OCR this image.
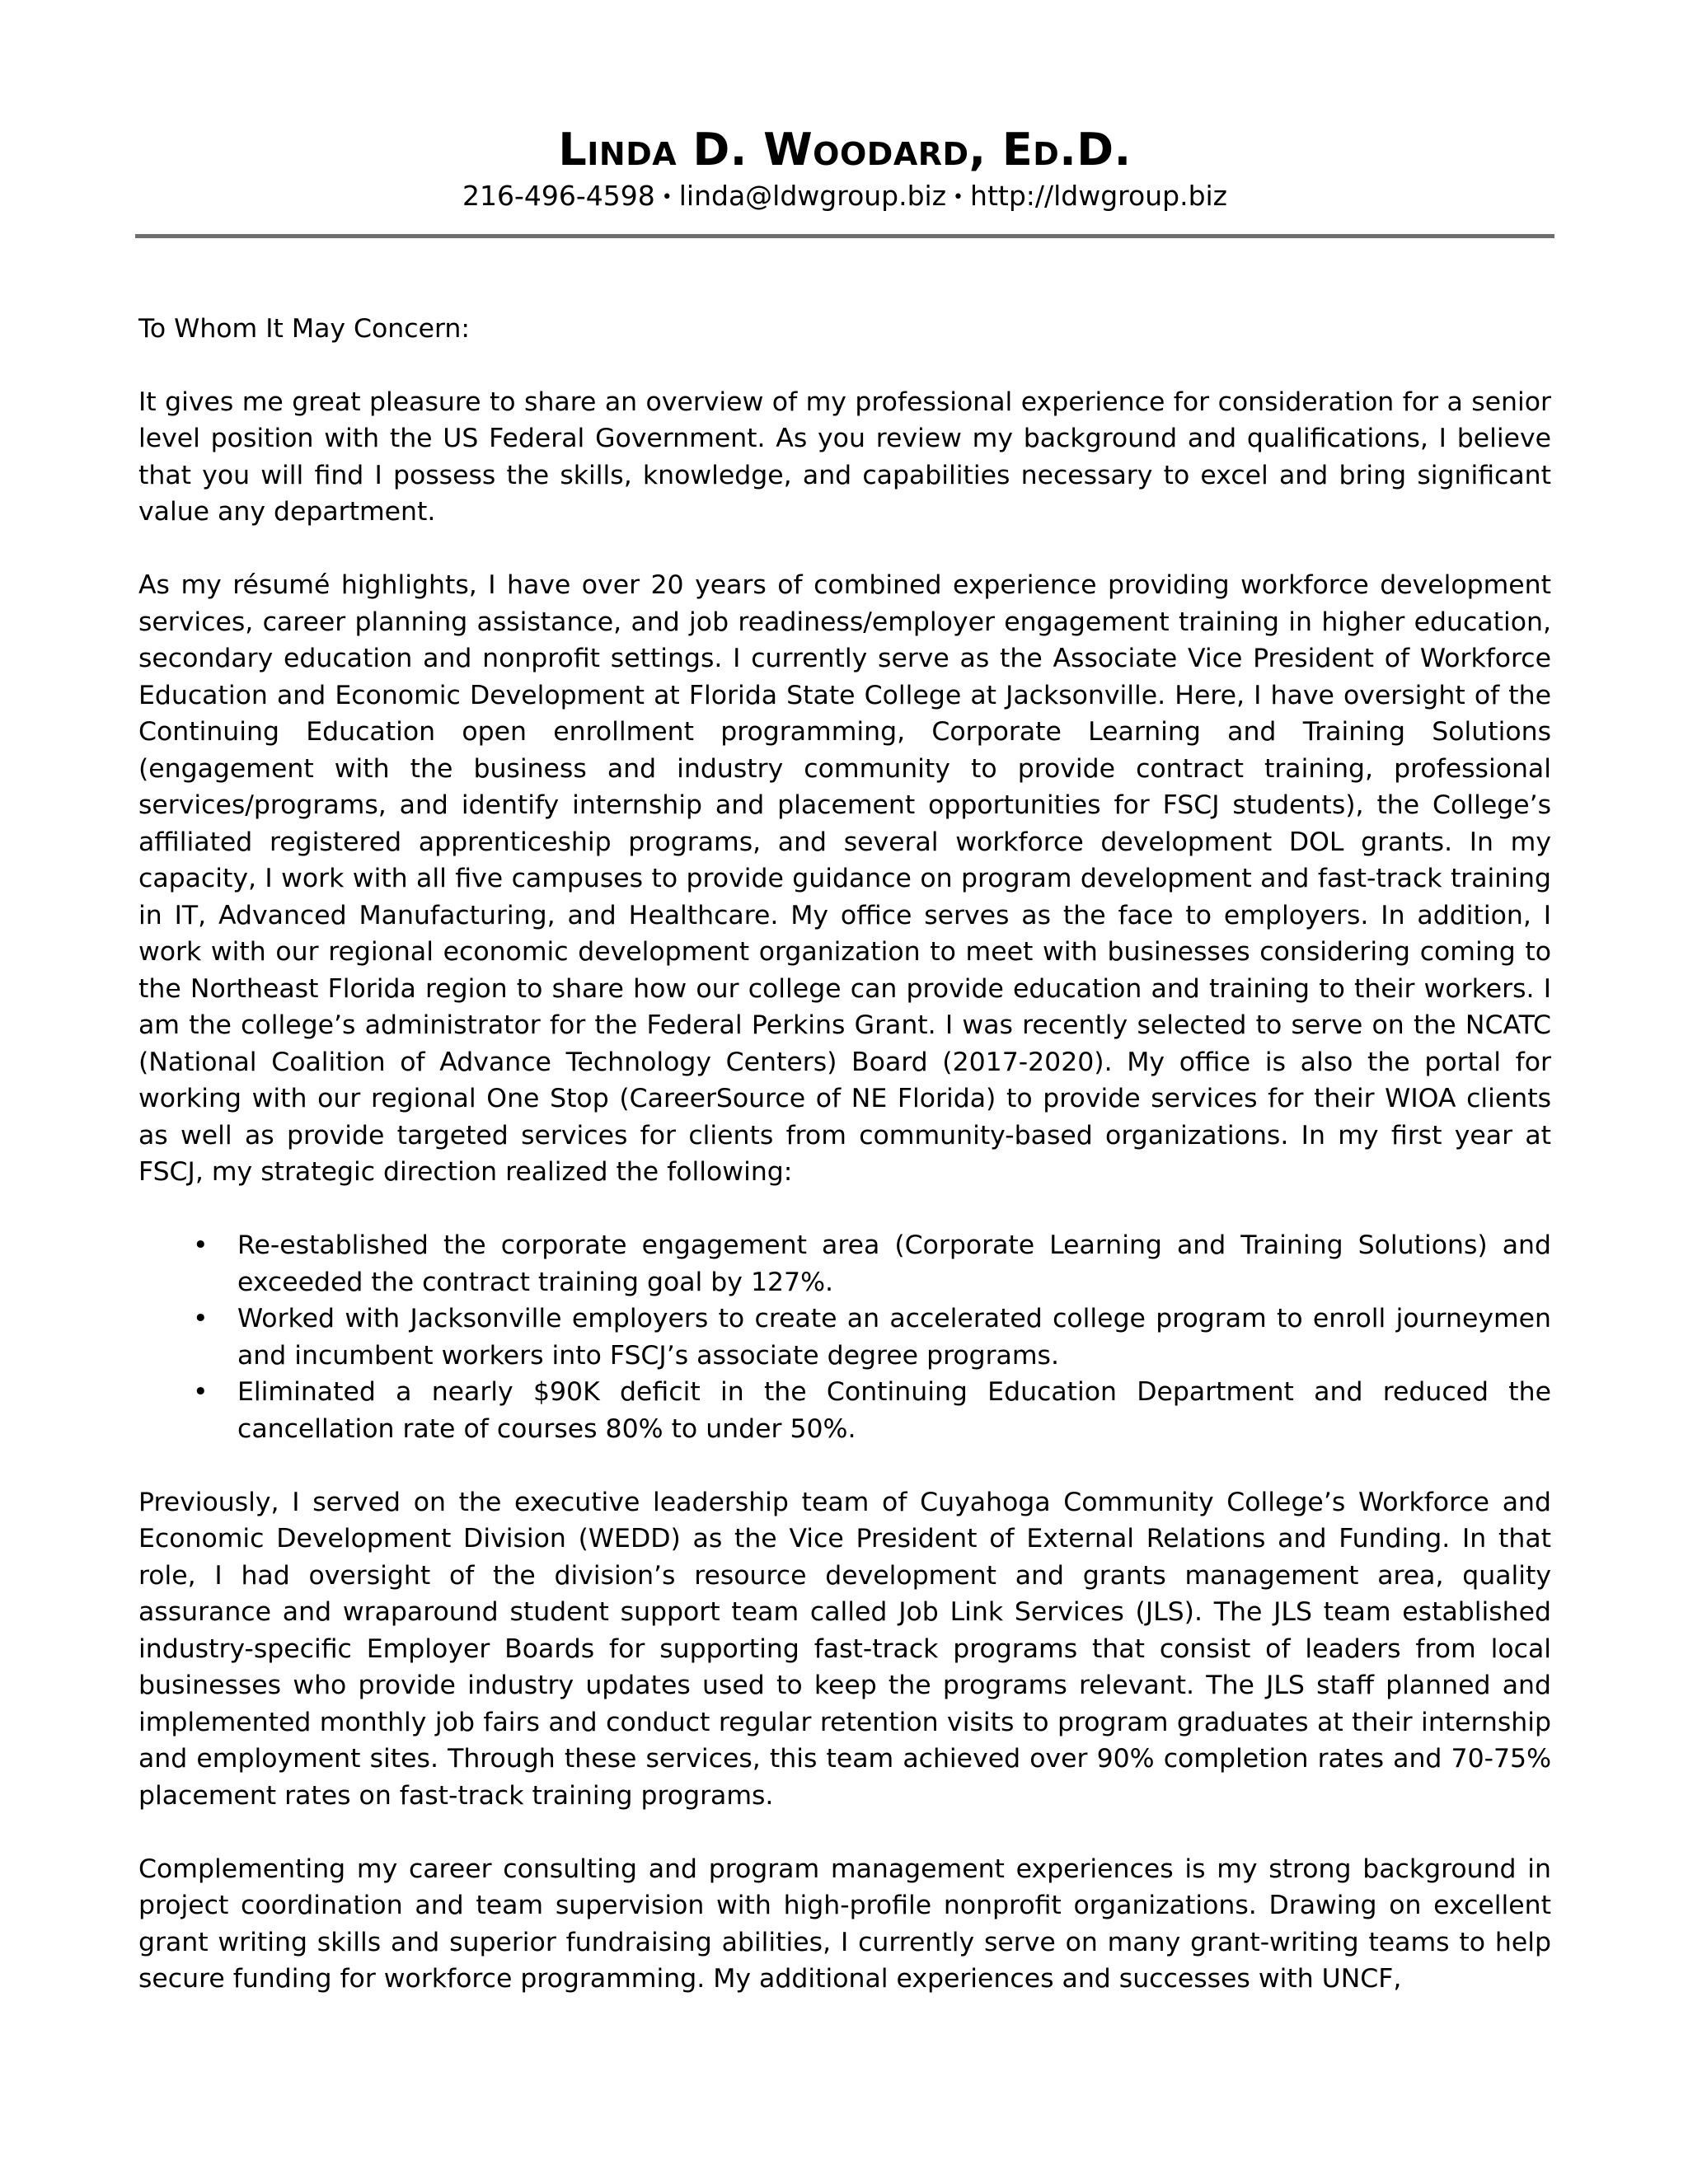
Linda D. Woodard, Ed.D.
216-496-4598 • linda@ldwgroup.biz • http://ldwgroup.biz

To Whom It May Concern:

It gives me great pleasure to share an overview of my professional experience for consideration for a senior level position with the US Federal Government. As you review my background and qualifications, I believe that you will find I possess the skills, knowledge, and capabilities necessary to excel and bring significant value any department.

As my résumé highlights, I have over 20 years of combined experience providing workforce development services, career planning assistance, and job readiness/employer engagement training in higher education, secondary education and nonprofit settings. I currently serve as the Associate Vice President of Workforce Education and Economic Development at Florida State College at Jacksonville. Here, I have oversight of the Continuing Education open enrollment programming, Corporate Learning and Training Solutions (engagement with the business and industry community to provide contract training, professional services/programs, and identify internship and placement opportunities for FSCJ students), the College’s affiliated registered apprenticeship programs, and several workforce development DOL grants. In my capacity, I work with all five campuses to provide guidance on program development and fast-track training in IT, Advanced Manufacturing, and Healthcare. My office serves as the face to employers. In addition, I work with our regional economic development organization to meet with businesses considering coming to the Northeast Florida region to share how our college can provide education and training to their workers. I am the college’s administrator for the Federal Perkins Grant. I was recently selected to serve on the NCATC (National Coalition of Advance Technology Centers) Board (2017-2020). My office is also the portal for working with our regional One Stop (CareerSource of NE Florida) to provide services for their WIOA clients as well as provide targeted services for clients from community-based organizations. In my first year at FSCJ, my strategic direction realized the following:

• Re-established the corporate engagement area (Corporate Learning and Training Solutions) and exceeded the contract training goal by 127%.
• Worked with Jacksonville employers to create an accelerated college program to enroll journeymen and incumbent workers into FSCJ’s associate degree programs.
• Eliminated a nearly $90K deficit in the Continuing Education Department and reduced the cancellation rate of courses 80% to under 50%.

Previously, I served on the executive leadership team of Cuyahoga Community College’s Workforce and Economic Development Division (WEDD) as the Vice President of External Relations and Funding. In that role, I had oversight of the division’s resource development and grants management area, quality assurance and wraparound student support team called Job Link Services (JLS). The JLS team established industry-specific Employer Boards for supporting fast-track programs that consist of leaders from local businesses who provide industry updates used to keep the programs relevant. The JLS staff planned and implemented monthly job fairs and conduct regular retention visits to program graduates at their internship and employment sites. Through these services, this team achieved over 90% completion rates and 70-75% placement rates on fast-track training programs.

Complementing my career consulting and program management experiences is my strong background in project coordination and team supervision with high-profile nonprofit organizations. Drawing on excellent grant writing skills and superior fundraising abilities, I currently serve on many grant-writing teams to help secure funding for workforce programming. My additional experiences and successes with UNCF,
